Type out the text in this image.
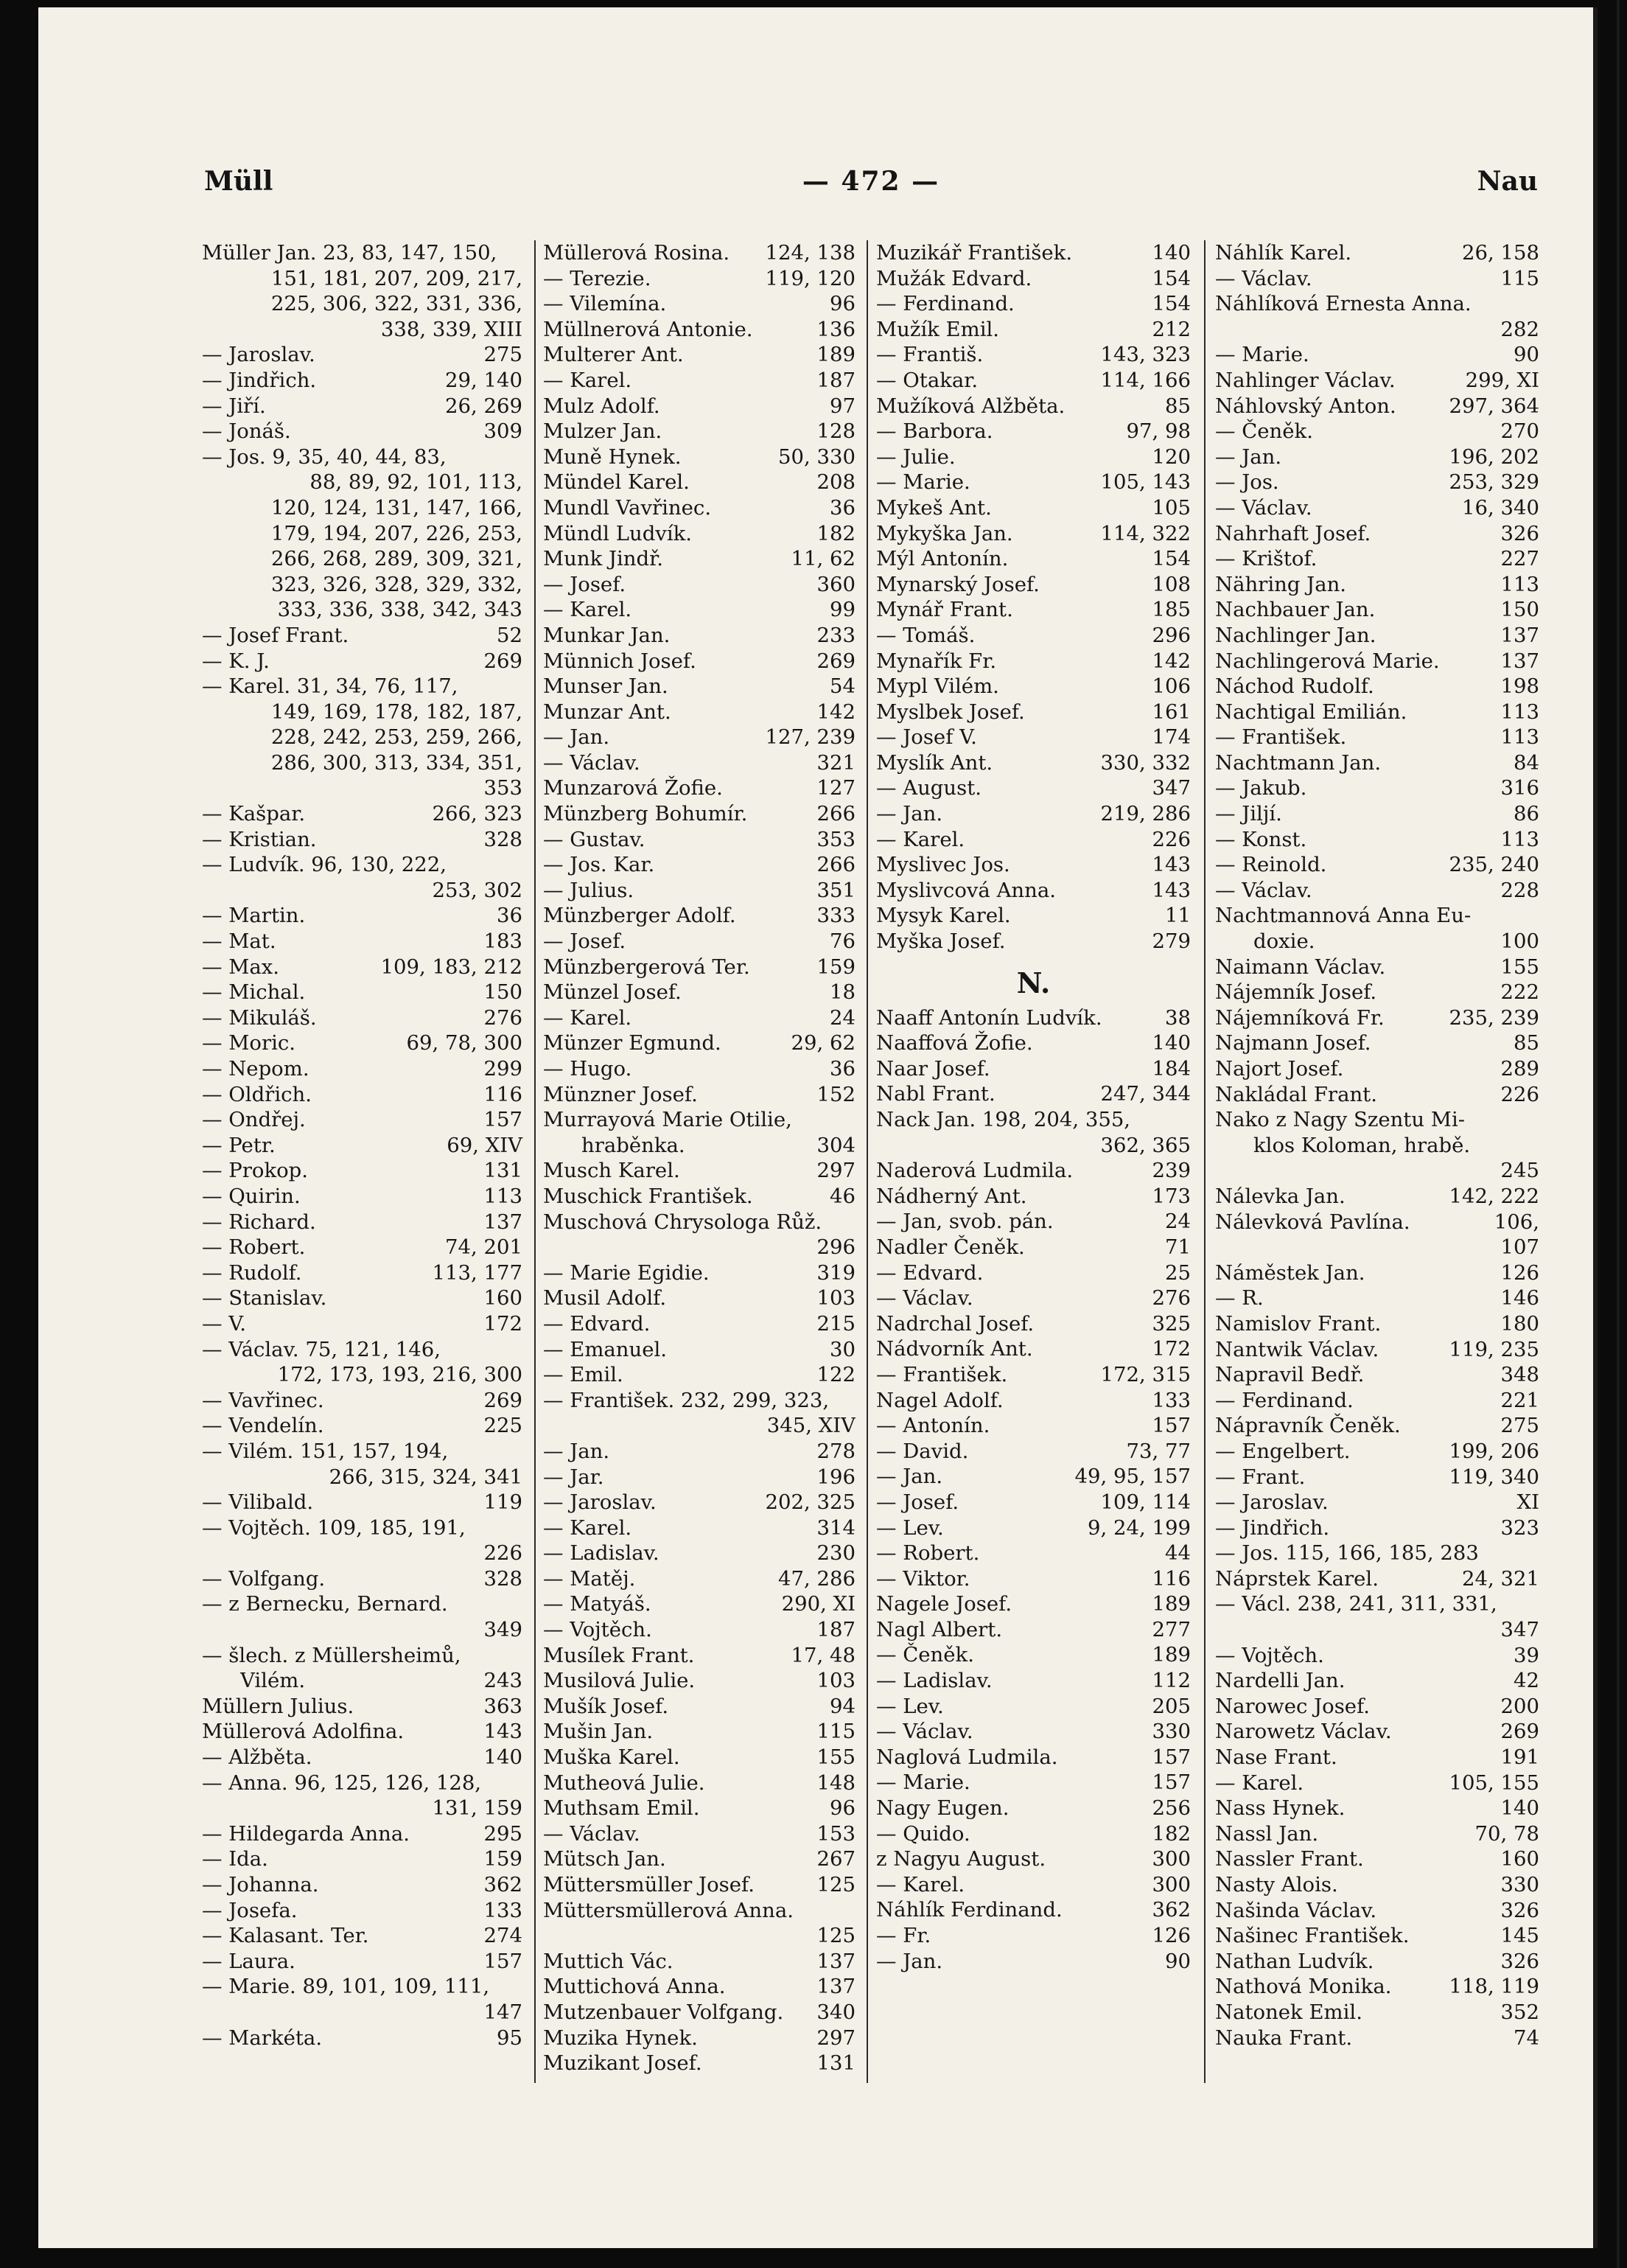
Müll	— 472 —	Nau
Müller Jan. 23, 83, 147, 150,
151, 181, 207, 209, 217,
225, 306, 322, 331, 336,
338, 339, XIII
— Jaroslav.	275
— Jindřich.	29, 140
— Jiří.	26, 269
— Jonáš.	309
— Jos. 9, 35, 40, 44, 83,
88, 89, 92, 101, 113,
120, 124, 131, 147, 166,
179, 194, 207, 226, 253,
266, 268, 289, 309, 321,
323, 326, 328, 329, 332,
333, 336, 338, 342, 343
— Josef Frant.	52
— K. J.	269
— Karel. 31, 34, 76, 117,
149, 169, 178, 182, 187,
228, 242, 253, 259, 266,
286, 300, 313, 334, 351,
353
— Kašpar.	266, 323
— Kristian.	328
— Ludvík. 96, 130, 222,
253, 302
— Martin.	36
— Mat.	183
— Max.	109, 183, 212
— Michal.	150
— Mikuláš.	276
— Moric.	69, 78, 300
— Nepom.	299
— Oldřich.	116
— Ondřej.	157
— Petr.	69, XIV
— Prokop.	131
— Quirin.	113
— Richard.	137
— Robert.	74, 201
— Rudolf.	113, 177
— Stanislav.	160
— V.	172
— Václav. 75, 121, 146,
172, 173, 193, 216, 300
— Vavřinec.	269
— Vendelín.	225
— Vilém. 151, 157, 194,
266, 315, 324, 341
— Vilibald.	119
— Vojtěch. 109, 185, 191,
226
— Volfgang.	328
— z Bernecku, Bernard.
349
— šlech. z Müllersheimů,
Vilém.	243
Müllern Julius.	363
Müllerová Adolfina.	143
— Alžběta.	140
— Anna. 96, 125, 126, 128,
131, 159
— Hildegarda Anna.	295
— Ida.	159
— Johanna.	362
— Josefa.	133
— Kalasant. Ter.	274
— Laura.	157
— Marie. 89, 101, 109, 111,
147
— Markéta.	95
Müllerová Rosina. 124, 138
— Terezie.	119, 120
— Vilemína.	96
Müllnerová Antonie.	136
Multerer Ant.	189
— Karel.	187
Mulz Adolf.	97
Mulzer Jan.	128
Muně Hynek.	50, 330
Mündel Karel.	208
Mundl Vavřinec.	36
Mündl Ludvík.	182
Munk Jindř.	11, 62
— Josef.	360
— Karel.	99
Munkar Jan.	233
Münnich Josef.	269
Munser Jan.	54
Munzar Ant.	142
— Jan.	127, 239
— Václav.	321
Munzarová Žofie.	127
Münzberg Bohumír.	266
— Gustav.	353
— Jos. Kar.	266
— Julius.	351
Münzberger Adolf.	333
— Josef.	76
Münzbergerová Ter.	159
Münzel Josef.	18
— Karel.	24
Münzer Egmund.	29, 62
— Hugo.	36
Münzner Josef.	152
Murrayová Marie Otilie,
hraběnka.	304
Musch Karel.	297
Muschick František.	46
Muschová Chrysologa Růž.
296
— Marie Egidie.	319
Musil Adolf.	103
— Edvard.	215
— Emanuel.	30
— Emil.	122
— František. 232, 299, 323,
345, XIV
— Jan.	278
— Jar.	196
— Jaroslav.	202, 325
— Karel.	314
— Ladislav.	230
— Matěj.	47, 286
— Matyáš.	290, XI
— Vojtěch.	187
Musílek Frant.	17, 48
Musilová Julie.	103
Mušík Josef.	94
Mušin Jan.	115
Muška Karel.	155
Mutheová Julie.	148
Muthsam Emil.	96
— Václav.	153
Mütsch Jan.	267
Müttersmüller Josef.	125
Müttersmüllerová Anna.
125
Muttich Vác.	137
Muttichová Anna.	137
Mutzenbauer Volfgang. 340
Muzika Hynek.	297
Muzikant Josef.	131
Muzikář František.	140
Mužák Edvard.	154
— Ferdinand.	154
Mužík Emil.	212
— Františ.	143, 323
— Otakar.	114, 166
Mužíková Alžběta.	85
— Barbora.	97, 98
— Julie.	120
— Marie.	105, 143
Mykeš Ant.	105
Mykyška Jan.	114, 322
Mýl Antonín.	154
Mynarský Josef.	108
Mynář Frant.	185
— Tomáš.	296
Mynařík Fr.	142
Mypl Vilém.	106
Myslbek Josef.	161
— Josef V.	174
Myslík Ant.	330, 332
— August.	347
— Jan.	219, 286
— Karel.	226
Myslivec Jos.	143
Myslivcová Anna.	143
Mysyk Karel.	11
Myška Josef.	279
N.
Naaff Antonín Ludvík.	38
Naaffová Žofie.	140
Naar Josef.	184
Nabl Frant.	247, 344
Nack Jan. 198, 204, 355,
362, 365
Naderová Ludmila.	239
Nádherný Ant.	173
— Jan, svob. pán.	24
Nadler Čeněk.	71
— Edvard.	25
— Václav.	276
Nadrchal Josef.	325
Nádvorník Ant.	172
— František.	172, 315
Nagel Adolf.	133
— Antonín.	157
— David.	73, 77
— Jan.	49, 95, 157
— Josef.	109, 114
— Lev.	9, 24, 199
— Robert.	44
— Viktor.	116
Nagele Josef.	189
Nagl Albert.	277
— Čeněk.	189
— Ladislav.	112
— Lev.	205
— Václav.	330
Naglová Ludmila.	157
— Marie.	157
Nagy Eugen.	256
— Quido.	182
z Nagyu August.	300
— Karel.	300
Náhlík Ferdinand.	362
— Fr.	126
— Jan.	90
Náhlík Karel.	26, 158
— Václav.	115
Náhlíková Ernesta Anna.
282
— Marie.	90
Nahlinger Václav.	299, XI
Náhlovský Anton.	297, 364
— Čeněk.	270
— Jan.	196, 202
— Jos.	253, 329
— Václav.	16, 340
Nahrhaft Josef.	326
— Krištof.	227
Nähring Jan.	113
Nachbauer Jan.	150
Nachlinger Jan.	137
Nachlingerová Marie.	137
Náchod Rudolf.	198
Nachtigal Emilián.	113
— František.	113
Nachtmann Jan.	84
— Jakub.	316
— Jiljí.	86
— Konst.	113
— Reinold.	235, 240
— Václav.	228
Nachtmannová Anna Eu-
doxie.	100
Naimann Václav.	155
Nájemník Josef.	222
Nájemníková Fr.	235, 239
Najmann Josef.	85
Najort Josef.	289
Nakládal Frant.	226
Nako z Nagy Szentu Mi-
klos Koloman, hrabě.
245
Nálevka Jan.	142, 222
Nálevková Pavlína.	106,
107
Náměstek Jan.	126
— R.	146
Namislov Frant.	180
Nantwik Václav.	119, 235
Napravil Bedř.	348
— Ferdinand.	221
Nápravník Čeněk.	275
— Engelbert.	199, 206
— Frant.	119, 340
— Jaroslav.	XI
— Jindřich.	323
— Jos. 115, 166, 185, 283
Náprstek Karel.	24, 321
— Václ. 238, 241, 311, 331,
347
— Vojtěch.	39
Nardelli Jan.	42
Narowec Josef.	200
Narowetz Václav.	269
Nase Frant.	191
— Karel.	105, 155
Nass Hynek.	140
Nassl Jan.	70, 78
Nassler Frant.	160
Nasty Alois.	330
Našinda Václav.	326
Našinec František.	145
Nathan Ludvík.	326
Nathová Monika.	118, 119
Natonek Emil.	352
Nauka Frant.	74
